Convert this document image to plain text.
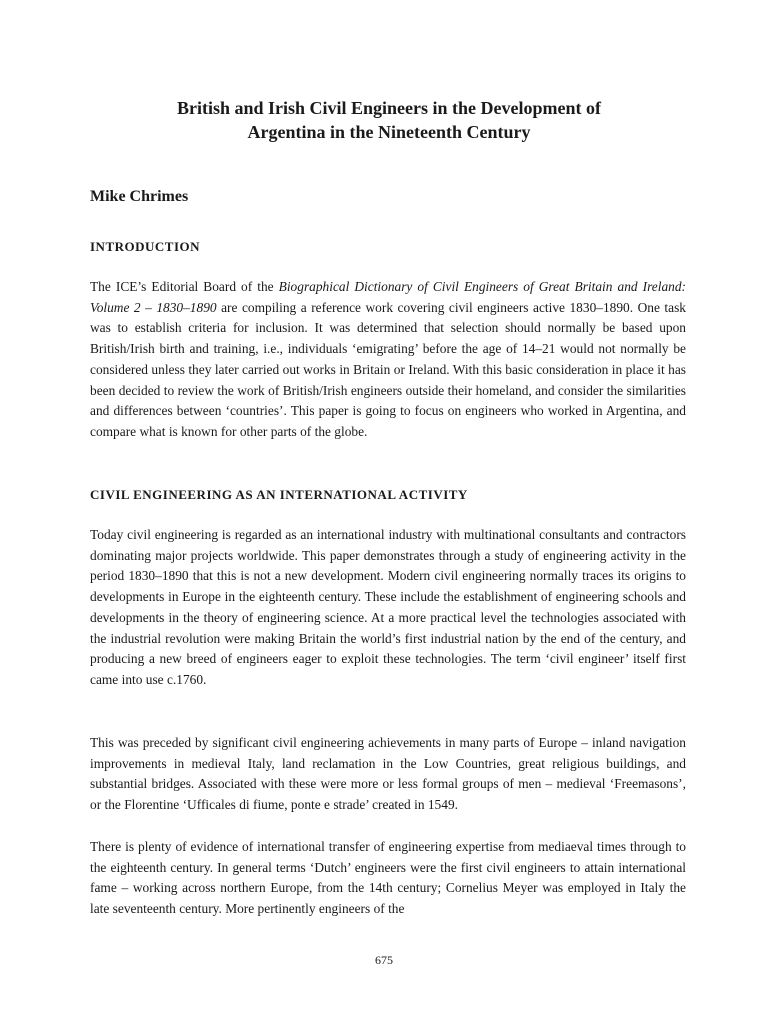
British and Irish Civil Engineers in the Development of
Argentina in the Nineteenth Century

Mike Chrimes

INTRODUCTION

The ICE’s Editorial Board of the Biographical Dictionary of Civil Engineers of Great Britain and Ireland: Volume 2 – 1830–1890 are compiling a reference work covering civil engineers active 1830–1890. One task was to establish criteria for inclusion. It was determined that selection should normally be based upon British/Irish birth and training, i.e., individuals ‘emigrating’ before the age of 14–21 would not normally be considered unless they later carried out works in Britain or Ireland. With this basic consideration in place it has been decided to review the work of British/Irish engineers outside their homeland, and consider the similarities and differences between ‘countries’. This paper is going to focus on engineers who worked in Argentina, and compare what is known for other parts of the globe.

CIVIL ENGINEERING AS AN INTERNATIONAL ACTIVITY

Today civil engineering is regarded as an international industry with multinational consultants and contractors dominating major projects worldwide. This paper demonstrates through a study of engineering activity in the period 1830–1890 that this is not a new development. Modern civil engineering normally traces its origins to developments in Europe in the eighteenth century. These include the establishment of engineering schools and developments in the theory of engineering science. At a more practical level the technologies associated with the industrial revolution were making Britain the world’s first industrial nation by the end of the century, and producing a new breed of engineers eager to exploit these technologies. The term ‘civil engineer’ itself first came into use c.1760.

This was preceded by significant civil engineering achievements in many parts of Europe – inland navigation improvements in medieval Italy, land reclamation in the Low Countries, great religious buildings, and substantial bridges. Associated with these were more or less formal groups of men – medieval ‘Freemasons’, or the Florentine ‘Ufficales di fiume, ponte e strade’ created in 1549.

There is plenty of evidence of international transfer of engineering expertise from mediaeval times through to the eighteenth century. In general terms ‘Dutch’ engineers were the first civil engineers to attain international fame – working across northern Europe, from the 14th century; Cornelius Meyer was employed in Italy the late seventeenth century. More pertinently engineers of the

675
